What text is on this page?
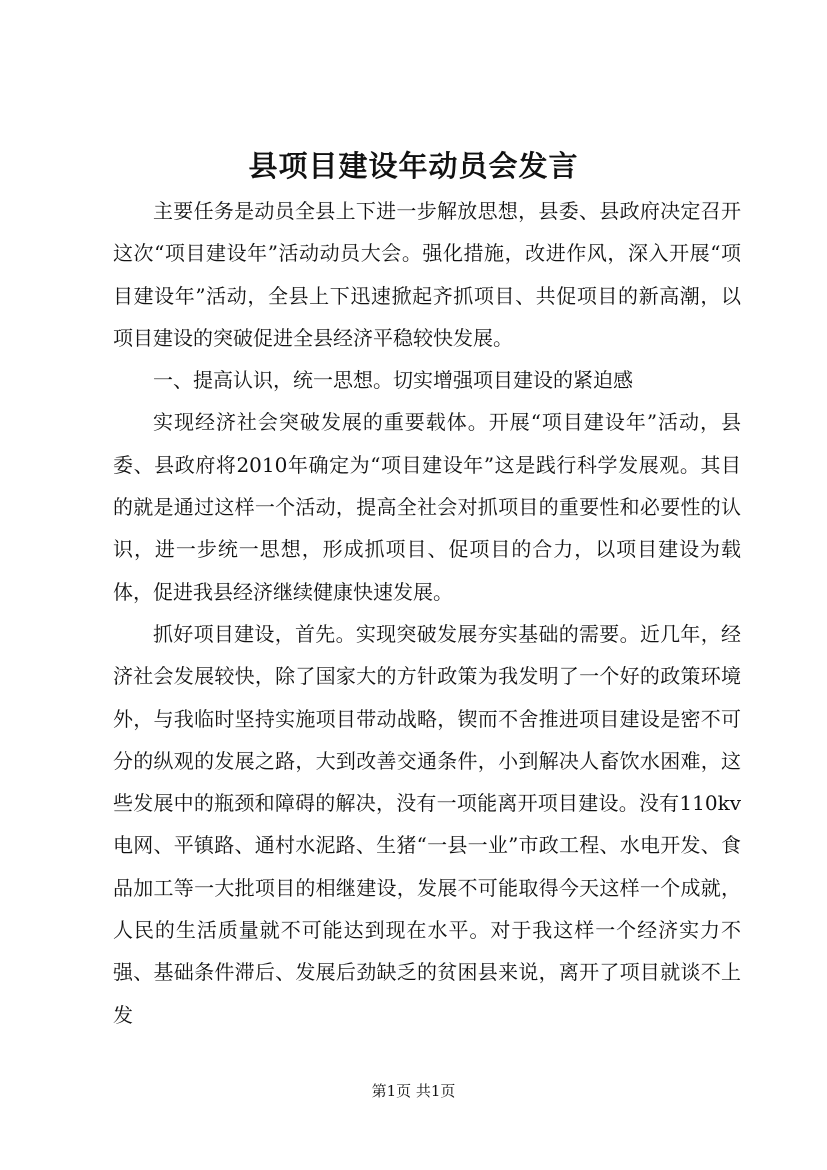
县项目建设年动员会发言

主要任务是动员全县上下进一步解放思想，县委、县政府决定召开这次“项目建设年”活动动员大会。强化措施，改进作风，深入开展“项目建设年”活动，全县上下迅速掀起齐抓项目、共促项目的新高潮，以项目建设的突破促进全县经济平稳较快发展。

一、提高认识，统一思想。切实增强项目建设的紧迫感

实现经济社会突破发展的重要载体。开展“项目建设年”活动，县委、县政府将2010年确定为“项目建设年”这是践行科学发展观。其目的就是通过这样一个活动，提高全社会对抓项目的重要性和必要性的认识，进一步统一思想，形成抓项目、促项目的合力，以项目建设为载体，促进我县经济继续健康快速发展。

抓好项目建设，首先。实现突破发展夯实基础的需要。近几年，经济社会发展较快，除了国家大的方针政策为我发明了一个好的政策环境外，与我临时坚持实施项目带动战略，锲而不舍推进项目建设是密不可分的纵观的发展之路，大到改善交通条件，小到解决人畜饮水困难，这些发展中的瓶颈和障碍的解决，没有一项能离开项目建设。没有110kv电网、平镇路、通村水泥路、生猪“一县一业”市政工程、水电开发、食品加工等一大批项目的相继建设，发展不可能取得今天这样一个成就，人民的生活质量就不可能达到现在水平。对于我这样一个经济实力不强、基础条件滞后、发展后劲缺乏的贫困县来说，离开了项目就谈不上发

第1页 共1页
